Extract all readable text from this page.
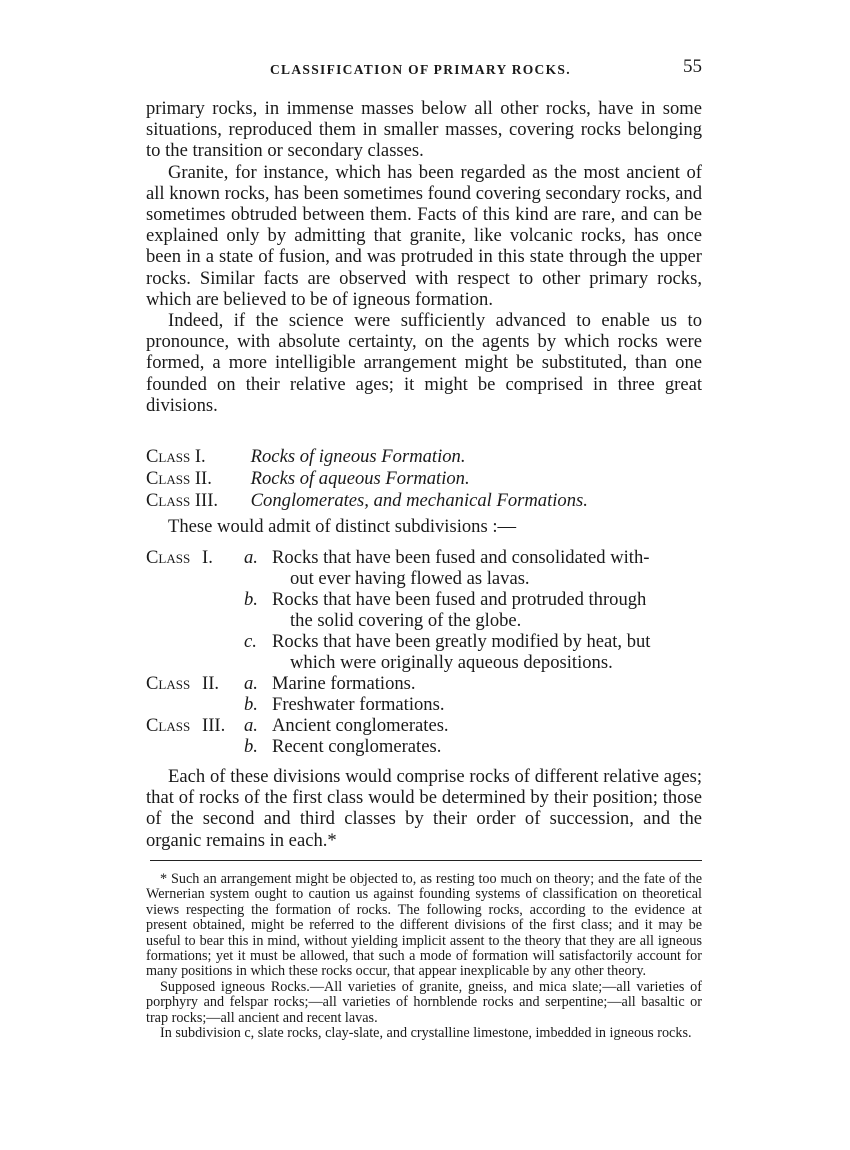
CLASSIFICATION OF PRIMARY ROCKS.	55

primary rocks, in immense masses below all other rocks, have in some situations, reproduced them in smaller masses, covering rocks belonging to the transition or secondary classes.

Granite, for instance, which has been regarded as the most ancient of all known rocks, has been sometimes found covering secondary rocks, and sometimes obtruded between them. Facts of this kind are rare, and can be explained only by admitting that granite, like volcanic rocks, has once been in a state of fusion, and was protruded in this state through the upper rocks. Similar facts are observed with respect to other primary rocks, which are believed to be of igneous formation.

Indeed, if the science were sufficiently advanced to enable us to pronounce, with absolute certainty, on the agents by which rocks were formed, a more intelligible arrangement might be substituted, than one founded on their relative ages; it might be comprised in three great divisions.

Class I. Rocks of igneous Formation.
Class II. Rocks of aqueous Formation.
Class III. Conglomerates, and mechanical Formations.
These would admit of distinct subdivisions :—
Class I. a. Rocks that have been fused and consolidated with-
out ever having flowed as lavas.
b. Rocks that have been fused and protruded through
the solid covering of the globe.
c. Rocks that have been greatly modified by heat, but
which were originally aqueous depositions.
Class II. a. Marine formations.
b. Freshwater formations.
Class III. a. Ancient conglomerates.
b. Recent conglomerates.

Each of these divisions would comprise rocks of different relative ages; that of rocks of the first class would be determined by their position; those of the second and third classes by their order of succession, and the organic remains in each.*

* Such an arrangement might be objected to, as resting too much on theory; and the fate of the Wernerian system ought to caution us against founding systems of classification on theoretical views respecting the formation of rocks. The following rocks, according to the evidence at present obtained, might be referred to the different divisions of the first class; and it may be useful to bear this in mind, without yielding implicit assent to the theory that they are all igneous formations; yet it must be allowed, that such a mode of formation will satisfactorily account for many positions in which these rocks occur, that appear inexplicable by any other theory.

Supposed igneous Rocks.—All varieties of granite, gneiss, and mica slate;—all varieties of porphyry and felspar rocks;—all varieties of hornblende rocks and serpentine;—all basaltic or trap rocks;—all ancient and recent lavas.

In subdivision c, slate rocks, clay-slate, and crystalline limestone, imbedded in igneous rocks.
